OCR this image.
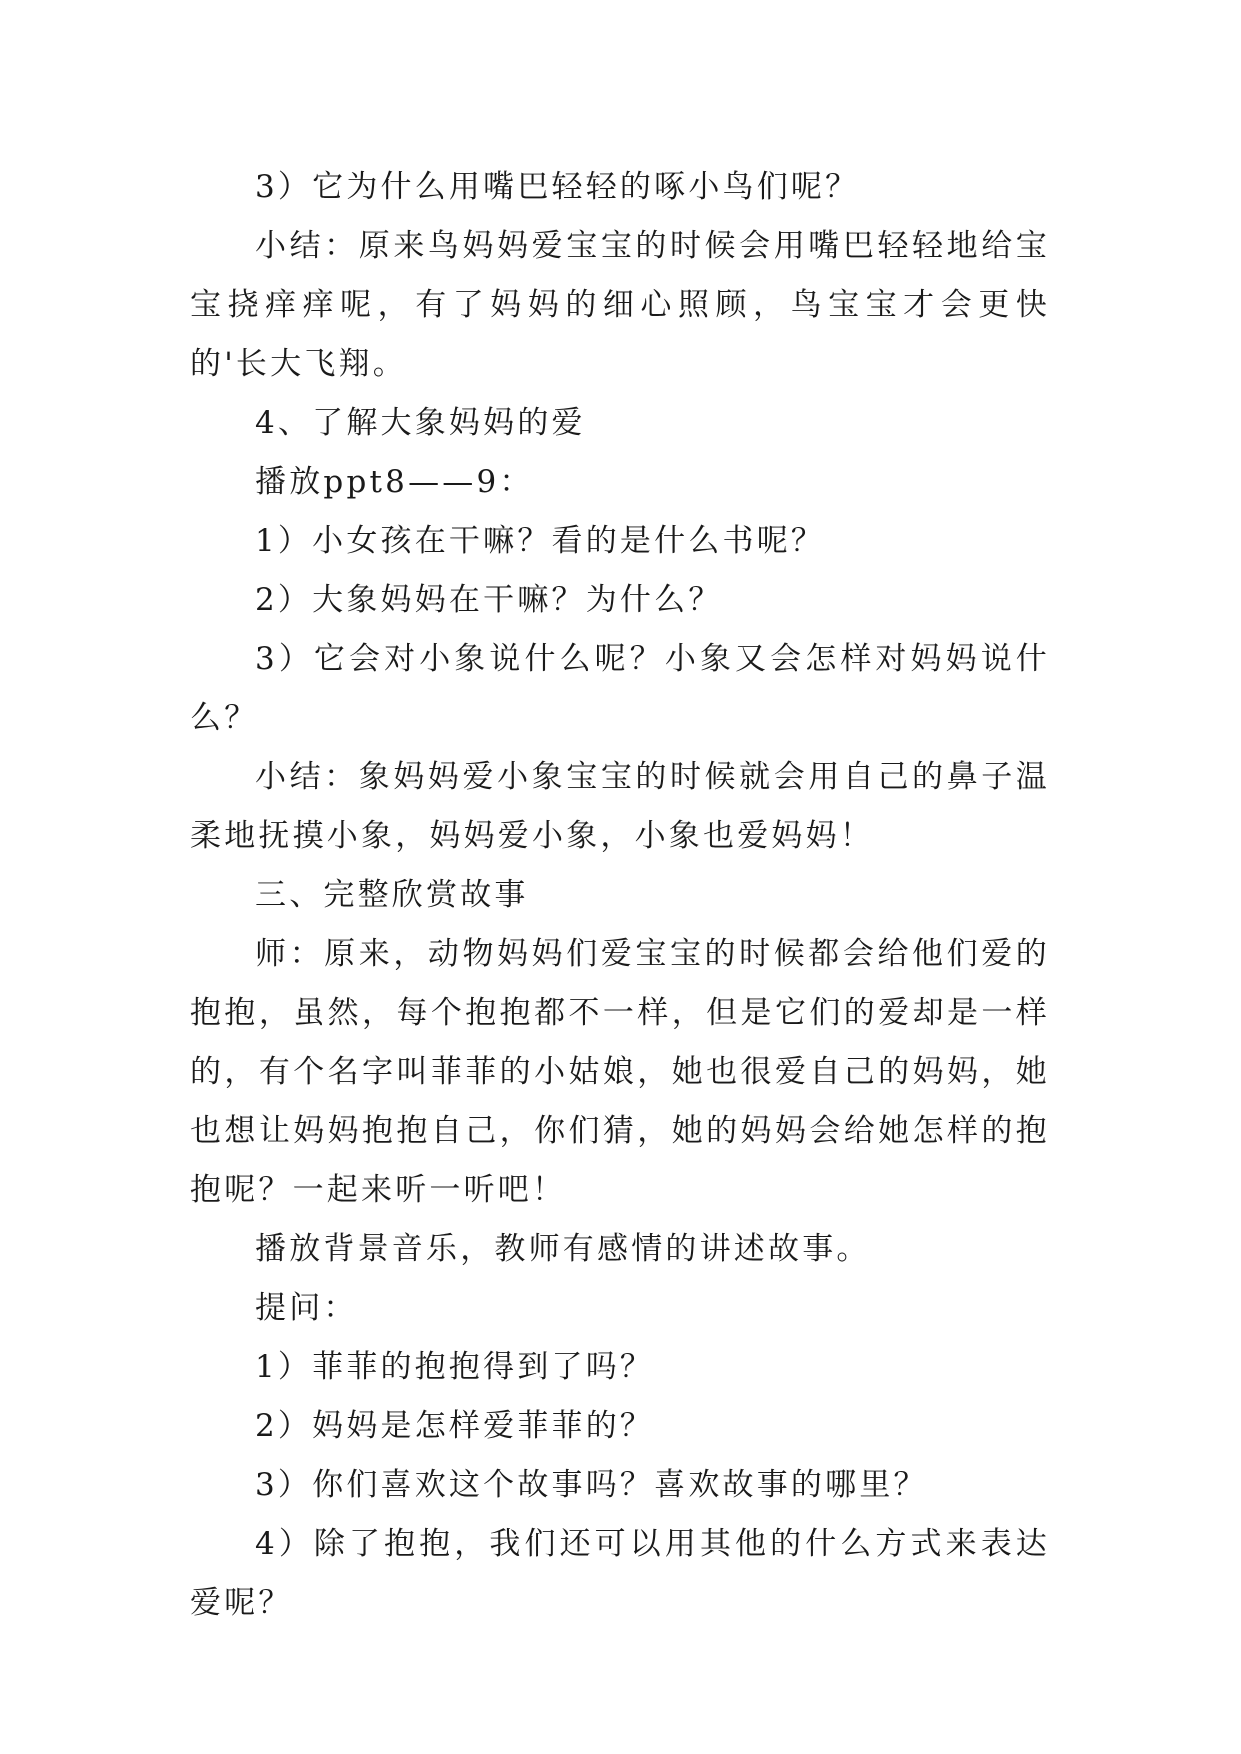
3）它为什么用嘴巴轻轻的啄小鸟们呢？

小结：原来鸟妈妈爱宝宝的时候会用嘴巴轻轻地给宝宝挠痒痒呢，有了妈妈的细心照顾，鸟宝宝才会更快的'长大飞翔。

4、了解大象妈妈的爱

播放ppt8——9：

1）小女孩在干嘛？看的是什么书呢？

2）大象妈妈在干嘛？为什么？

3）它会对小象说什么呢？小象又会怎样对妈妈说什么？

小结：象妈妈爱小象宝宝的时候就会用自己的鼻子温柔地抚摸小象，妈妈爱小象，小象也爱妈妈！

三、完整欣赏故事

师：原来，动物妈妈们爱宝宝的时候都会给他们爱的抱抱，虽然，每个抱抱都不一样，但是它们的爱却是一样的，有个名字叫菲菲的小姑娘，她也很爱自己的妈妈，她也想让妈妈抱抱自己，你们猜，她的妈妈会给她怎样的抱抱呢？一起来听一听吧！

播放背景音乐，教师有感情的讲述故事。

提问：

1）菲菲的抱抱得到了吗？

2）妈妈是怎样爱菲菲的？

3）你们喜欢这个故事吗？喜欢故事的哪里？

4）除了抱抱，我们还可以用其他的什么方式来表达爱呢？
